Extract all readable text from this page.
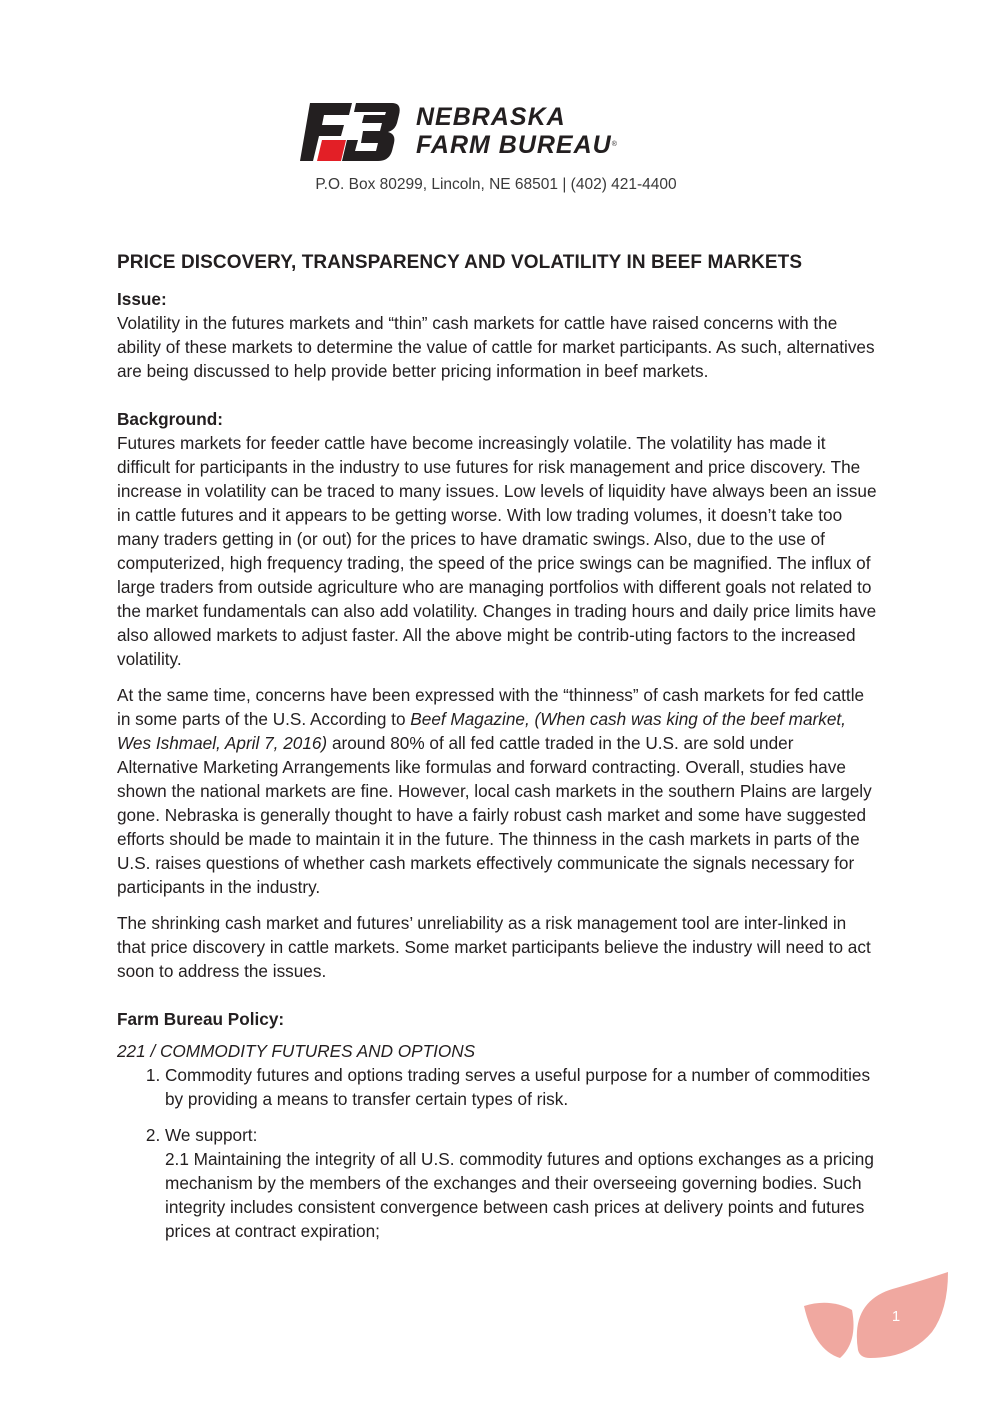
NEBRASKA
FARM BUREAU®
P.O. Box 80299, Lincoln, NE 68501 | (402) 421-4400
PRICE DISCOVERY, TRANSPARENCY AND VOLATILITY IN BEEF MARKETS
Issue:

Volatility in the futures markets and “thin” cash markets for cattle have raised concerns with the ability of these markets to determine the value of cattle for market participants. As such, alternatives are being discussed to help provide better pricing information in beef markets.

Background:

Futures markets for feeder cattle have become increasingly volatile. The volatility has made it difficult for participants in the industry to use futures for risk management and price discovery. The increase in volatility can be traced to many issues. Low levels of liquidity have always been an issue in cattle futures and it appears to be getting worse. With low trading volumes, it doesn’t take too many traders getting in (or out) for the prices to have dramatic swings. Also, due to the use of computerized, high frequency trading, the speed of the price swings can be magnified. The influx of large traders from outside agriculture who are managing portfolios with different goals not related to the market fundamentals can also add volatility. Changes in trading hours and daily price limits have also allowed markets to adjust faster. All the above might be contrib-uting factors to the increased volatility.

At the same time, concerns have been expressed with the “thinness” of cash markets for fed cattle in some parts of the U.S. According to Beef Magazine, (When cash was king of the beef market, Wes Ishmael, April 7, 2016) around 80% of all fed cattle traded in the U.S. are sold under Alternative Marketing Arrangements like formulas and forward contracting. Overall, studies have shown the national markets are fine. However, local cash markets in the southern Plains are largely gone. Nebraska is generally thought to have a fairly robust cash market and some have suggested efforts should be made to maintain it in the future. The thinness in the cash markets in parts of the U.S. raises questions of whether cash markets effectively communicate the signals necessary for participants in the industry.

The shrinking cash market and futures’ unreliability as a risk management tool are inter-linked in that price discovery in cattle markets. Some market participants believe the industry will need to act soon to address the issues.

Farm Bureau Policy:
221 / COMMODITY FUTURES AND OPTIONS
1. Commodity futures and options trading serves a useful purpose for a number of commodities by providing a means to transfer certain types of risk.
2. We support:
2.1 Maintaining the integrity of all U.S. commodity futures and options exchanges as a pricing mechanism by the members of the exchanges and their overseeing governing bodies. Such integrity includes consistent convergence between cash prices at delivery points and futures prices at contract expiration;
1
